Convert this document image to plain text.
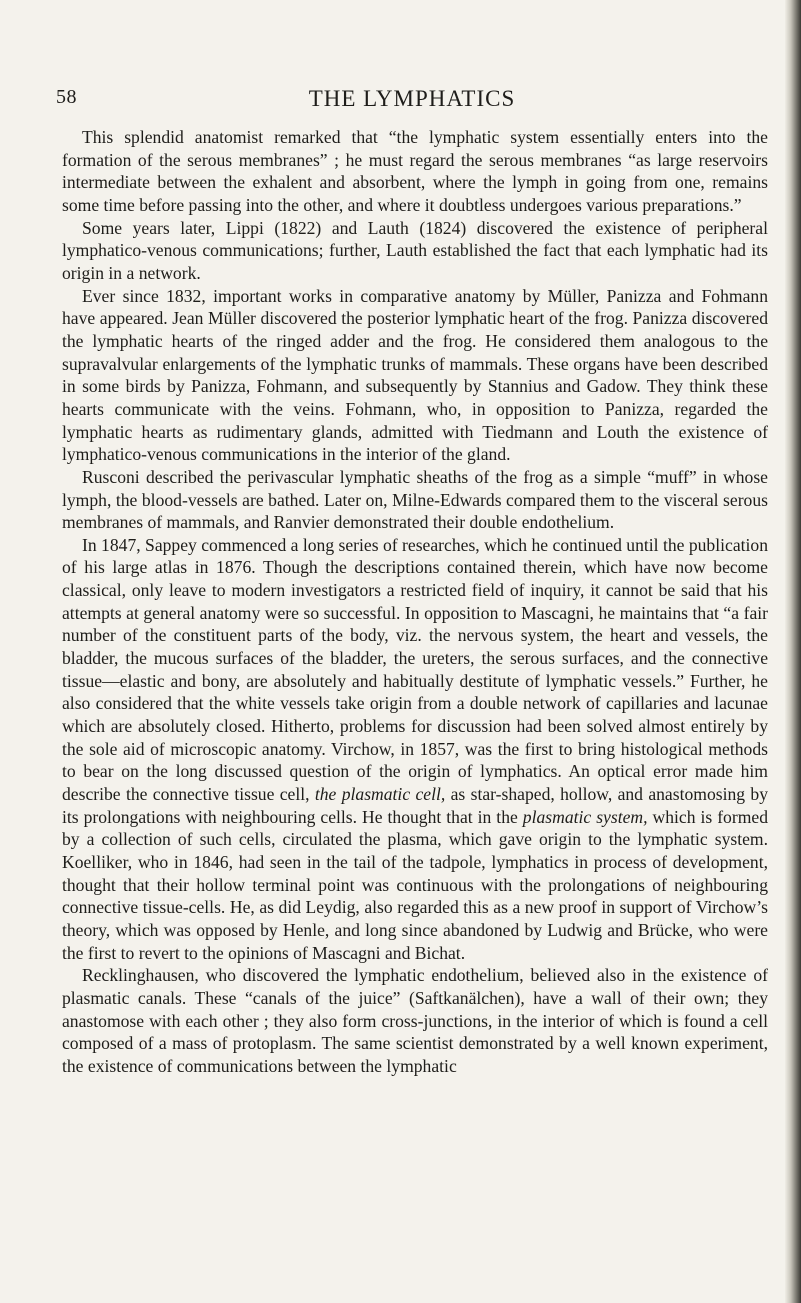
58	THE LYMPHATICS

This splendid anatomist remarked that “the lymphatic system essentially enters into the formation of the serous membranes” ; he must regard the serous membranes “as large reservoirs intermediate between the exhalent and absorbent, where the lymph in going from one, remains some time before passing into the other, and where it doubtless undergoes various preparations.”

Some years later, Lippi (1822) and Lauth (1824) discovered the existence of peripheral lymphatico-venous communications; further, Lauth established the fact that each lymphatic had its origin in a network.

Ever since 1832, important works in comparative anatomy by Müller, Panizza and Fohmann have appeared. Jean Müller discovered the posterior lymphatic heart of the frog. Panizza discovered the lymphatic hearts of the ringed adder and the frog. He considered them analogous to the supravalvular enlargements of the lymphatic trunks of mammals. These organs have been described in some birds by Panizza, Fohmann, and subsequently by Stannius and Gadow. They think these hearts communicate with the veins. Fohmann, who, in opposition to Panizza, regarded the lymphatic hearts as rudimentary glands, admitted with Tiedmann and Louth the existence of lymphatico-venous communications in the interior of the gland.

Rusconi described the perivascular lymphatic sheaths of the frog as a simple “muff” in whose lymph, the blood-vessels are bathed. Later on, Milne-Edwards compared them to the visceral serous membranes of mammals, and Ranvier demonstrated their double endothelium.

In 1847, Sappey commenced a long series of researches, which he continued until the publication of his large atlas in 1876. Though the descriptions contained therein, which have now become classical, only leave to modern investigators a restricted field of inquiry, it cannot be said that his attempts at general anatomy were so successful. In opposition to Mascagni, he maintains that “a fair number of the constituent parts of the body, viz. the nervous system, the heart and vessels, the bladder, the mucous surfaces of the bladder, the ureters, the serous surfaces, and the connective tissue—elastic and bony, are absolutely and habitually destitute of lymphatic vessels.” Further, he also considered that the white vessels take origin from a double network of capillaries and lacunae which are absolutely closed. Hitherto, problems for discussion had been solved almost entirely by the sole aid of microscopic anatomy. Virchow, in 1857, was the first to bring histological methods to bear on the long discussed question of the origin of lymphatics. An optical error made him describe the connective tissue cell, the plasmatic cell, as star-shaped, hollow, and anastomosing by its prolongations with neighbouring cells. He thought that in the plasmatic system, which is formed by a collection of such cells, circulated the plasma, which gave origin to the lymphatic system. Koelliker, who in 1846, had seen in the tail of the tadpole, lymphatics in process of development, thought that their hollow terminal point was continuous with the prolongations of neighbouring connective tissue-cells. He, as did Leydig, also regarded this as a new proof in support of Virchow’s theory, which was opposed by Henle, and long since abandoned by Ludwig and Brücke, who were the first to revert to the opinions of Mascagni and Bichat.

Recklinghausen, who discovered the lymphatic endothelium, believed also in the existence of plasmatic canals. These “canals of the juice” (Saftkanälchen), have a wall of their own; they anastomose with each other ; they also form cross-junctions, in the interior of which is found a cell composed of a mass of protoplasm. The same scientist demonstrated by a well known experiment, the existence of communications between the lymphatic
